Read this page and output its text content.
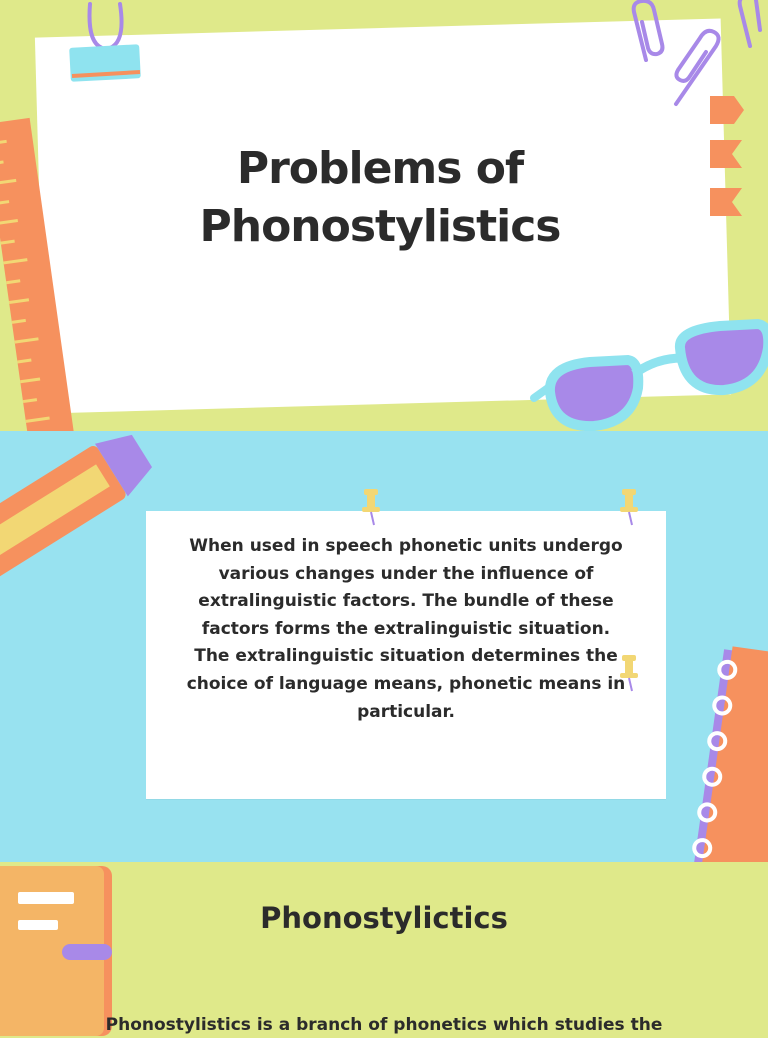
Problems of
Phonostylistics

When used in speech phonetic units undergo various changes under the influence of extralinguistic factors. The bundle of these factors forms the extralinguistic situation. The extralinguistic situation determines the choice of language means, phonetic means in particular.

Phonostylictics

Phonostylistics is a branch of phonetics which studies the
